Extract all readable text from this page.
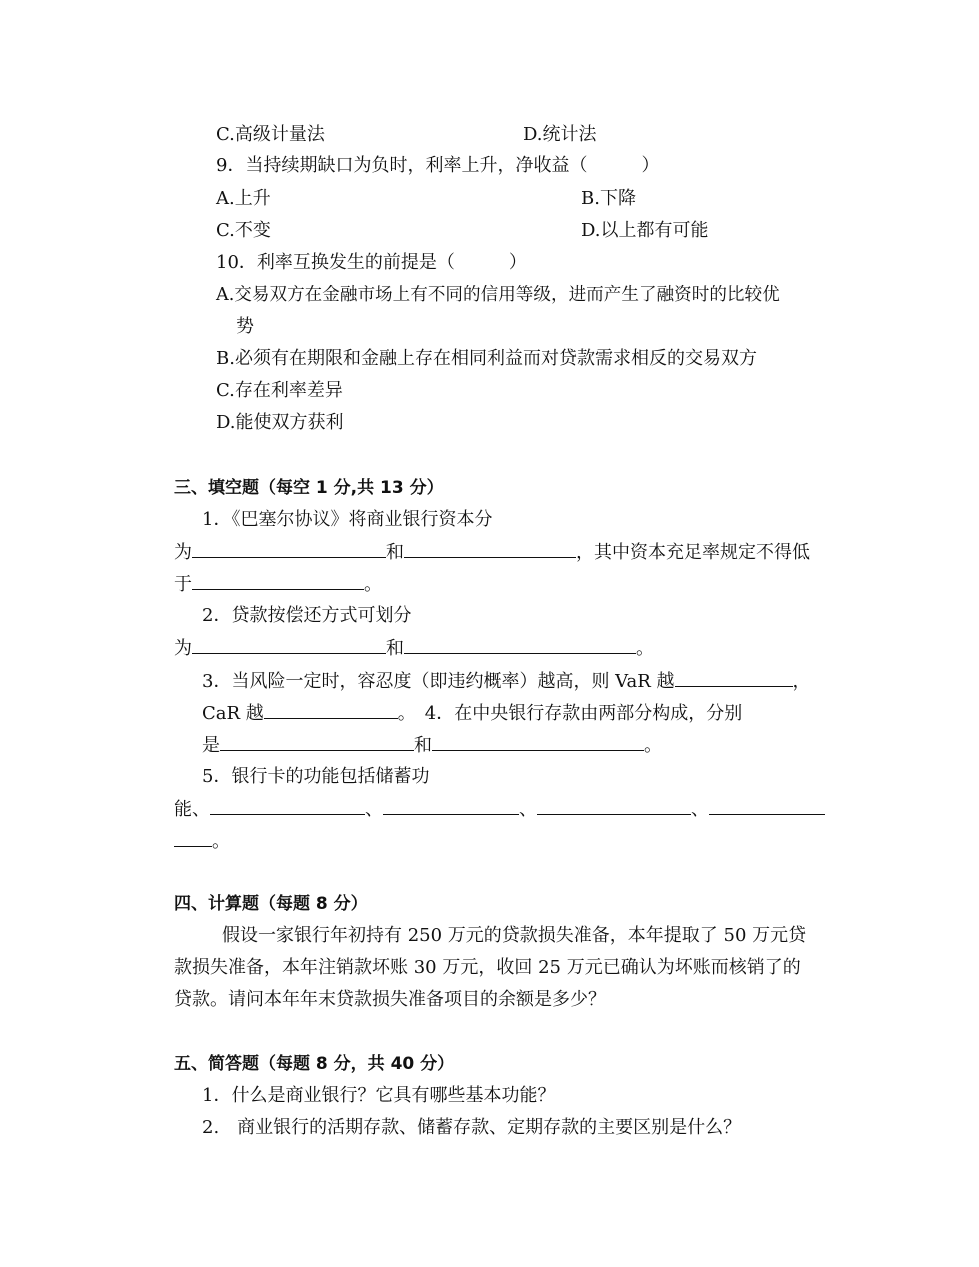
C.高级计量法	D.统计法
9．当持续期缺口为负时，利率上升，净收益（　　　）
A.上升	B.下降
C.不变	D.以上都有可能
10．利率互换发生的前提是（　　　）
A.交易双方在金融市场上有不同的信用等级，进而产生了融资时的比较优
势
B.必须有在期限和金融上存在相同利益而对贷款需求相反的交易双方
C.存在利率差异
D.能使双方获利
三、填空题（每空 1 分,共 13 分）
1．《巴塞尔协议》将商业银行资本分
为	和	，其中资本充足率规定不得低
于	。
2．贷款按偿还方式可划分
为	和	。
3．当风险一定时，容忍度（即违约概率）越高，则 VaR 越	，
CaR 越	。　4．在中央银行存款由两部分构成，分别
是	和	。
5．银行卡的功能包括储蓄功
能、	、	、	、
。
四、计算题（每题 8 分）
假设一家银行年初持有 250 万元的贷款损失准备，本年提取了 50 万元贷
款损失准备，本年注销款坏账 30 万元，收回 25 万元已确认为坏账而核销了的
贷款。请问本年年末贷款损失准备项目的余额是多少？
五、简答题（每题 8 分，共 40 分）
1．什么是商业银行？它具有哪些基本功能？
2.　商业银行的活期存款、储蓄存款、定期存款的主要区别是什么？
